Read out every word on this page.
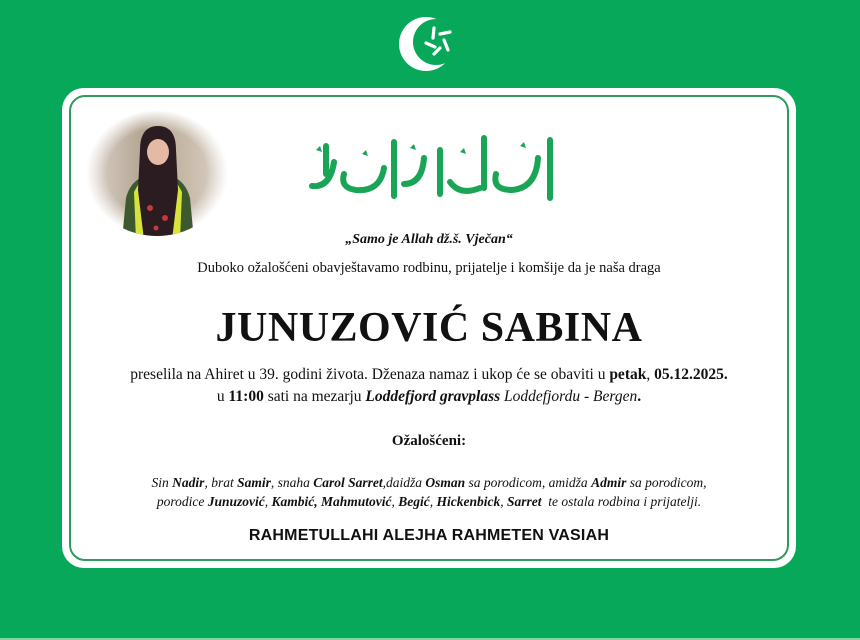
„Samo je Allah dž.š. Vječan“
Duboko ožalošćeni obavještavamo rodbinu, prijatelje i komšije da je naša draga
JUNUZOVIĆ SABINA
preselila na Ahiret u 39. godini života. Dženaza namaz i ukop će se obaviti u petak, 05.12.2025.
u 11:00 sati na mezarju Loddefjord gravplass Loddefjordu - Bergen.
Ožalošćeni:
Sin Nadir, brat Samir, snaha Carol Sarret,daidža Osman sa porodicom, amidža Admir sa porodicom,
porodice Junuzović, Kambić, Mahmutović, Begić, Hickenbick, Sarret  te ostala rodbina i prijatelji.
RAHMETULLAHI ALEJHA RAHMETEN VASIAH
